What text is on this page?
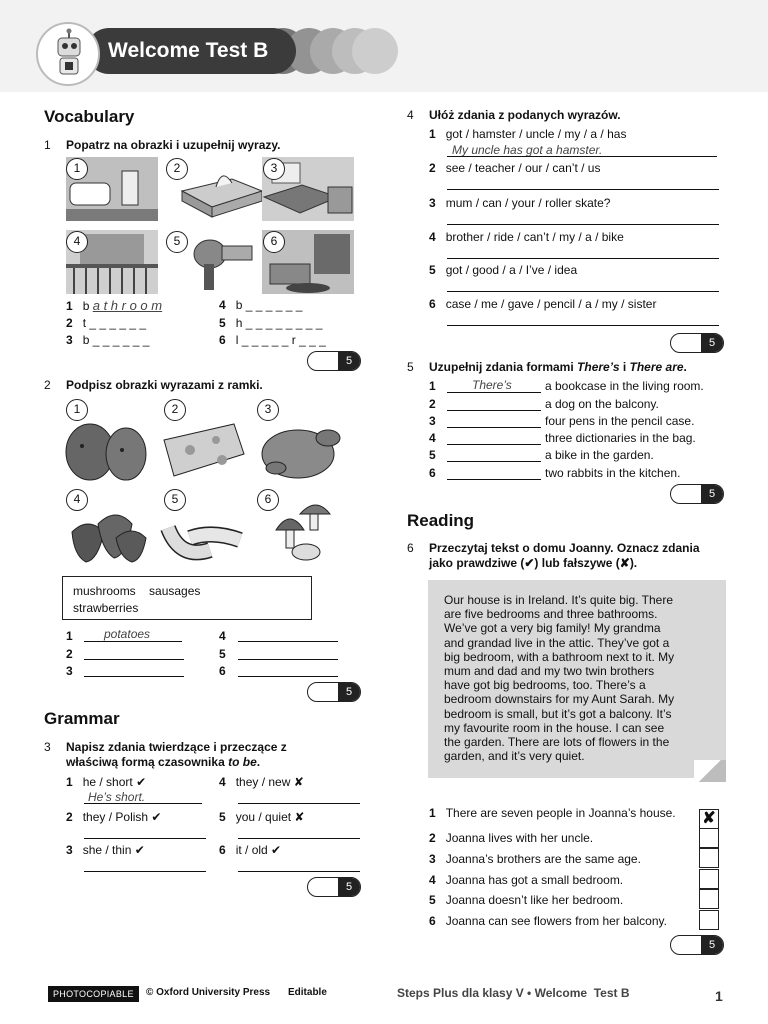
Welcome Test B
Vocabulary
1 Popatrz na obrazki i uzupełnij wyrazy.
1	2	3
4	5	6
1 b a t h r o o m
2 t _ _ _ _ _ _
3 b _ _ _ _ _ _
4 b _ _ _ _ _ _
5 h _ _ _ _ _ _ _ _
6 l _ _ _ _ _ r _ _ _
5
2 Podpisz obrazki wyrazami z ramki.
1	2	3
4	5	6
mushrooms    sausages
strawberries
1	potatoes
2
3
4
5
6
5
Grammar
3 Napisz zdania twierdzące i przeczące z
właściwą formą czasownika to be.
1 he / short ✔
He’s short.
2 they / Polish ✔
3 she / thin ✔
4 they / new ✘
5 you / quiet ✘
6 it / old ✔
5
4 Ułóż zdania z podanych wyrazów.
1 got / hamster / uncle / my / a / has
My uncle has got a hamster.
2 see / teacher / our / can’t / us
3 mum / can / your / roller skate?
4 brother / ride / can’t / my / a / bike
5 got / good / a / I’ve / idea
6 case / me / gave / pencil / a / my / sister
5
5 Uzupełnij zdania formami There’s i There are.
1	There’s	a bookcase in the living room.
2	a dog on the balcony.
3	four pens in the pencil case.
4	three dictionaries in the bag.
5	a bike in the garden.
6	two rabbits in the kitchen.
5
Reading
6 Przeczytaj tekst o domu Joanny. Oznacz zdania
jako prawdziwe (✔) lub fałszywe (✘).
Our house is in Ireland. It’s quite big. There
are five bedrooms and three bathrooms.
We’ve got a very big family! My grandma
and grandad live in the attic. They’ve got a
big bedroom, with a bathroom next to it. My
mum and dad and my two twin brothers
have got big bedrooms, too. There’s a
bedroom downstairs for my Aunt Sarah. My
bedroom is small, but it’s got a balcony. It’s
my favourite room in the house. I can see
the garden. There are lots of flowers in the
garden, and it’s very quiet.
1 There are seven people in Joanna’s house. ✘
2 Joanna lives with her uncle.
3 Joanna’s brothers are the same age.
4 Joanna has got a small bedroom.
5 Joanna doesn’t like her bedroom.
6 Joanna can see flowers from her balcony.
5
PHOTOCOPIABLE	© Oxford University Press Editable	Steps Plus dla klasy V • Welcome  Test B	1
